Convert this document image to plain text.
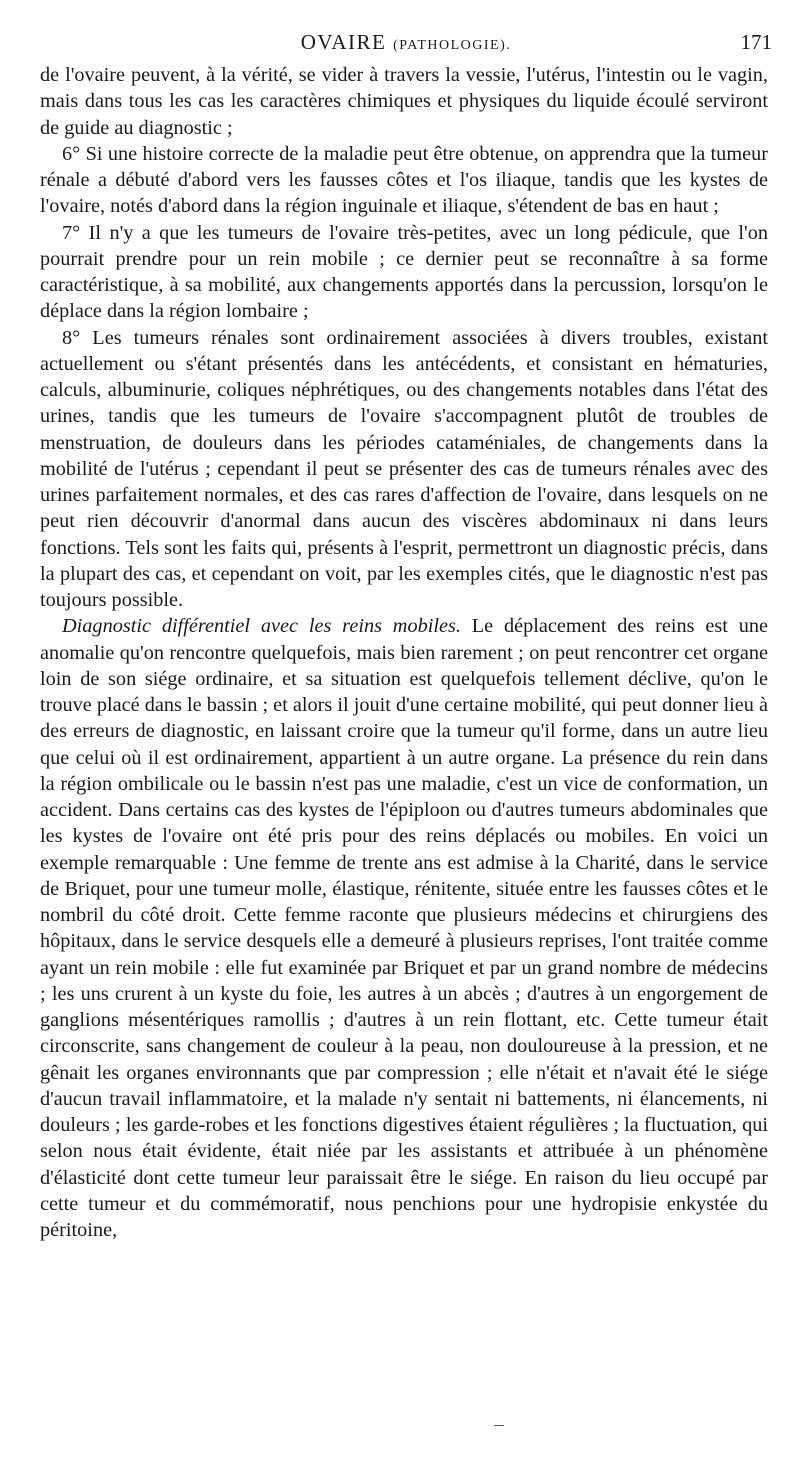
OVAIRE (PATHOLOGIE).	171

de l'ovaire peuvent, à la vérité, se vider à travers la vessie, l'utérus, l'intestin ou le vagin, mais dans tous les cas les caractères chimiques et physiques du liquide écoulé serviront de guide au diagnostic ;

6° Si une histoire correcte de la maladie peut être obtenue, on apprendra que la tumeur rénale a débuté d'abord vers les fausses côtes et l'os iliaque, tandis que les kystes de l'ovaire, notés d'abord dans la région inguinale et iliaque, s'étendent de bas en haut ;

7° Il n'y a que les tumeurs de l'ovaire très-petites, avec un long pédicule, que l'on pourrait prendre pour un rein mobile ; ce dernier peut se reconnaître à sa forme caractéristique, à sa mobilité, aux changements apportés dans la percussion, lorsqu'on le déplace dans la région lombaire ;

8° Les tumeurs rénales sont ordinairement associées à divers troubles, existant actuellement ou s'étant présentés dans les antécédents, et consistant en hématuries, calculs, albuminurie, coliques néphrétiques, ou des changements notables dans l'état des urines, tandis que les tumeurs de l'ovaire s'accompagnent plutôt de troubles de menstruation, de douleurs dans les périodes cataméniales, de changements dans la mobilité de l'utérus ; cependant il peut se présenter des cas de tumeurs rénales avec des urines parfaitement normales, et des cas rares d'affection de l'ovaire, dans lesquels on ne peut rien découvrir d'anormal dans aucun des viscères abdominaux ni dans leurs fonctions. Tels sont les faits qui, présents à l'esprit, permettront un diagnostic précis, dans la plupart des cas, et cependant on voit, par les exemples cités, que le diagnostic n'est pas toujours possible.

Diagnostic différentiel avec les reins mobiles. Le déplacement des reins est une anomalie qu'on rencontre quelquefois, mais bien rarement ; on peut rencontrer cet organe loin de son siége ordinaire, et sa situation est quelquefois tellement déclive, qu'on le trouve placé dans le bassin ; et alors il jouit d'une certaine mobilité, qui peut donner lieu à des erreurs de diagnostic, en laissant croire que la tumeur qu'il forme, dans un autre lieu que celui où il est ordinairement, appartient à un autre organe. La présence du rein dans la région ombilicale ou le bassin n'est pas une maladie, c'est un vice de conformation, un accident. Dans certains cas des kystes de l'épiploon ou d'autres tumeurs abdominales que les kystes de l'ovaire ont été pris pour des reins déplacés ou mobiles. En voici un exemple remarquable : Une femme de trente ans est admise à la Charité, dans le service de Briquet, pour une tumeur molle, élastique, rénitente, située entre les fausses côtes et le nombril du côté droit. Cette femme raconte que plusieurs médecins et chirurgiens des hôpitaux, dans le service desquels elle a demeuré à plusieurs reprises, l'ont traitée comme ayant un rein mobile : elle fut examinée par Briquet et par un grand nombre de médecins ; les uns crurent à un kyste du foie, les autres à un abcès ; d'autres à un engorgement de ganglions mésentériques ramollis ; d'autres à un rein flottant, etc. Cette tumeur était circonscrite, sans changement de couleur à la peau, non douloureuse à la pression, et ne gênait les organes environnants que par compression ; elle n'était et n'avait été le siége d'aucun travail inflammatoire, et la malade n'y sentait ni battements, ni élancements, ni douleurs ; les garde-robes et les fonctions digestives étaient régulières ; la fluctuation, qui selon nous était évidente, était niée par les assistants et attribuée à un phénomène d'élasticité dont cette tumeur leur paraissait être le siége. En raison du lieu occupé par cette tumeur et du commémoratif, nous penchions pour une hydropisie enkystée du péritoine,
